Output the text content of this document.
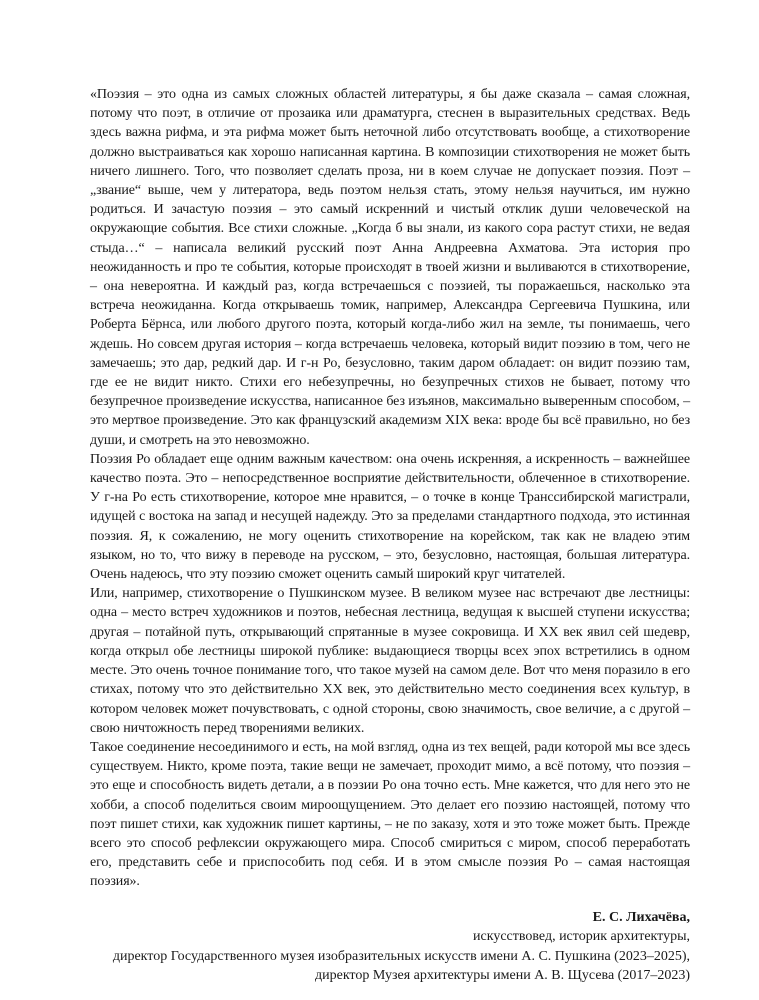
«Поэзия – это одна из самых сложных областей литературы, я бы даже сказала – самая сложная, потому что поэт, в отличие от прозаика или драматурга, стеснен в выразительных средствах. Ведь здесь важна рифма, и эта рифма может быть неточной либо отсутствовать вообще, а стихотворение должно выстраиваться как хорошо написанная картина. В композиции стихотворения не может быть ничего лишнего. Того, что позволяет сделать проза, ни в коем случае не допускает поэзия. Поэт – „звание“ выше, чем у литератора, ведь поэтом нельзя стать, этому нельзя научиться, им нужно родиться. И зачастую поэзия – это самый искренний и чистый отклик души человеческой на окружающие события. Все стихи сложные. „Когда б вы знали, из какого сора растут стихи, не ведая стыда…“ – написала великий русский поэт Анна Андреевна Ахматова. Эта история про неожиданность и про те события, которые происходят в твоей жизни и выливаются в стихотворение, – она невероятна. И каждый раз, когда встречаешься с поэзией, ты поражаешься, насколько эта встреча неожиданна. Когда открываешь томик, например, Александра Сергеевича Пушкина, или Роберта Бёрнса, или любого другого поэта, который когда-либо жил на земле, ты понимаешь, чего ждешь. Но совсем другая история – когда встречаешь человека, который видит поэзию в том, чего не замечаешь; это дар, редкий дар. И г-н Ро, безусловно, таким даром обладает: он видит поэзию там, где ее не видит никто. Стихи его небезупречны, но безупречных стихов не бывает, потому что безупречное произведение искусства, написанное без изъянов, максимально выверенным способом, – это мертвое произведение. Это как французский академизм XIX века: вроде бы всё правильно, но без души, и смотреть на это невозможно.

Поэзия Ро обладает еще одним важным качеством: она очень искренняя, а искренность – важнейшее качество поэта. Это – непосредственное восприятие действительности, облеченное в стихотворение. У г-на Ро есть стихотворение, которое мне нравится, – о точке в конце Транссибирской магистрали, идущей с востока на запад и несущей надежду. Это за пределами стандартного подхода, это истинная поэзия. Я, к сожалению, не могу оценить стихотворение на корейском, так как не владею этим языком, но то, что вижу в переводе на русском, – это, безусловно, настоящая, большая литература. Очень надеюсь, что эту поэзию сможет оценить самый широкий круг читателей.

Или, например, стихотворение о Пушкинском музее. В великом музее нас встречают две лестницы: одна – место встреч художников и поэтов, небесная лестница, ведущая к высшей ступени искусства; другая – потайной путь, открывающий спрятанные в музее сокровища. И XX век явил сей шедевр, когда открыл обе лестницы широкой публике: выдающиеся творцы всех эпох встретились в одном месте. Это очень точное понимание того, что такое музей на самом деле. Вот что меня поразило в его стихах, потому что это действительно XX век, это действительно место соединения всех культур, в котором человек может почувствовать, с одной стороны, свою значимость, свое величие, а с другой – свою ничтожность перед творениями великих.

Такое соединение несоединимого и есть, на мой взгляд, одна из тех вещей, ради которой мы все здесь существуем. Никто, кроме поэта, такие вещи не замечает, проходит мимо, а всё потому, что поэзия – это еще и способность видеть детали, а в поэзии Ро она точно есть. Мне кажется, что для него это не хобби, а способ поделиться своим мироощущением. Это делает его поэзию настоящей, потому что поэт пишет стихи, как художник пишет картины, – не по заказу, хотя и это тоже может быть. Прежде всего это способ рефлексии окружающего мира. Способ смириться с миром, способ переработать его, представить себе и приспособить под себя. И в этом смысле поэзия Ро – самая настоящая поэзия».

Е. С. Лихачёва,
искусствовед, историк архитектуры,
директор Государственного музея изобразительных искусств имени А. С. Пушкина (2023–2025),
директор Музея архитектуры имени А. В. Щусева (2017–2023)
